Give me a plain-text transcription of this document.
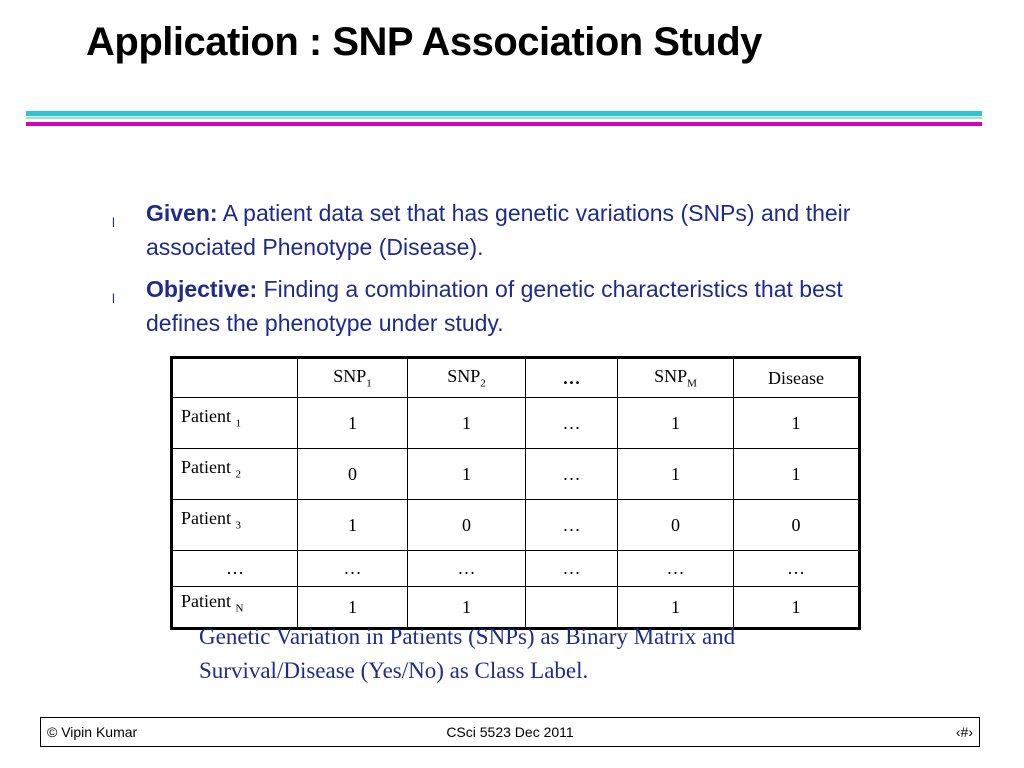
Application : SNP Association Study
l Given: A patient data set that has genetic variations (SNPs) and their associated Phenotype (Disease).
l Objective: Finding a combination of genetic characteristics that best defines the phenotype under study.
	$SNP_1$	$SNP_2$	…	$SNP_M$	Disease
Patient $_1$	1	1	…	1	1
Patient $_2$	0	1	…	1	1
Patient $_3$	1	0	…	0	0
…	…	…	…	…	…
Patient $_N$	1	1		1	1
Genetic Variation in Patients (SNPs) as Binary Matrix and Survival/Disease (Yes/No) as Class Label.
CSci 5523 Dec 2011
© Vipin Kumar	‹#›
